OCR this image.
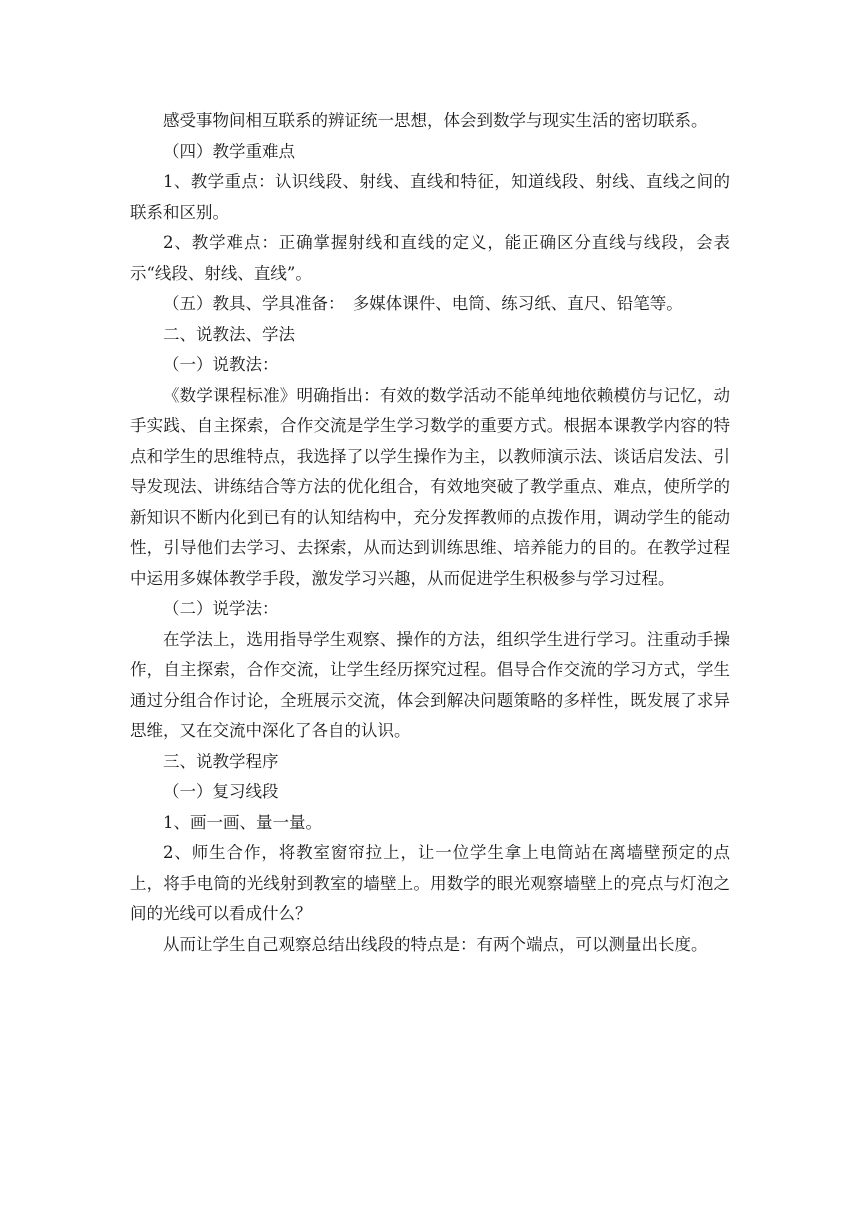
感受事物间相互联系的辨证统一思想，体会到数学与现实生活的密切联系。

（四）教学重难点

1、教学重点：认识线段、射线、直线和特征，知道线段、射线、直线之间的联系和区别。

2、教学难点：正确掌握射线和直线的定义，能正确区分直线与线段，会表示“线段、射线、直线”。

（五）教具、学具准备：　多媒体课件、电筒、练习纸、直尺、铅笔等。

二、说教法、学法

（一）说教法：

《数学课程标准》明确指出：有效的数学活动不能单纯地依赖模仿与记忆，动手实践、自主探索，合作交流是学生学习数学的重要方式。根据本课教学内容的特点和学生的思维特点，我选择了以学生操作为主，以教师演示法、谈话启发法、引导发现法、讲练结合等方法的优化组合，有效地突破了教学重点、难点，使所学的新知识不断内化到已有的认知结构中，充分发挥教师的点拨作用，调动学生的能动性，引导他们去学习、去探索，从而达到训练思维、培养能力的目的。在教学过程中运用多媒体教学手段，激发学习兴趣，从而促进学生积极参与学习过程。

（二）说学法：

在学法上，选用指导学生观察、操作的方法，组织学生进行学习。注重动手操作，自主探索，合作交流，让学生经历探究过程。倡导合作交流的学习方式，学生通过分组合作讨论，全班展示交流，体会到解决问题策略的多样性，既发展了求异思维，又在交流中深化了各自的认识。

三、说教学程序

（一）复习线段

1、画一画、量一量。

2、师生合作，将教室窗帘拉上，让一位学生拿上电筒站在离墙壁预定的点上，将手电筒的光线射到教室的墙壁上。用数学的眼光观察墙壁上的亮点与灯泡之间的光线可以看成什么？

从而让学生自己观察总结出线段的特点是：有两个端点，可以测量出长度。
